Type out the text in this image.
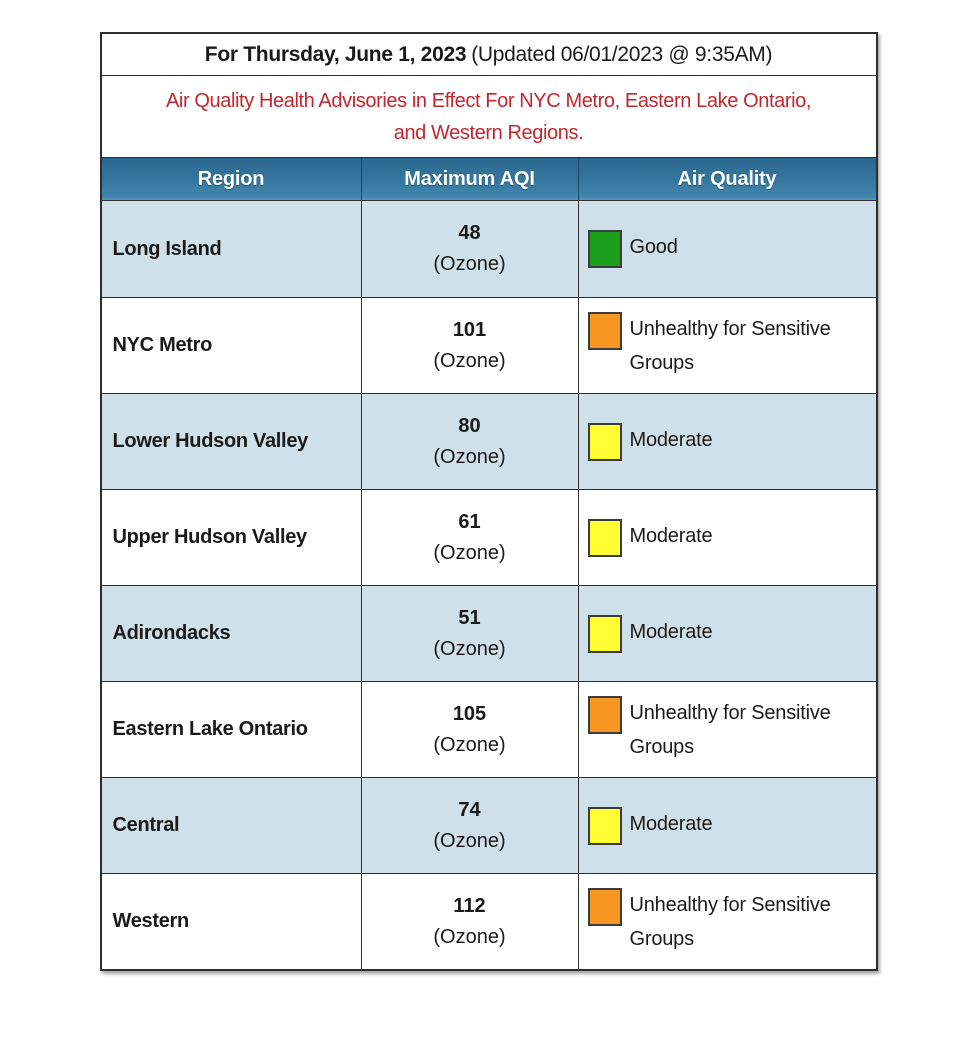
For Thursday, June 1, 2023 (Updated 06/01/2023 @ 9:35AM)
Air Quality Health Advisories in Effect For NYC Metro, Eastern Lake Ontario,
and Western Regions.
Region	Maximum AQI	Air Quality
Long Island
48
(Ozone)
Good
NYC Metro
101
(Ozone)
Unhealthy for Sensitive Groups
Lower Hudson Valley
80
(Ozone)
Moderate
Upper Hudson Valley
61
(Ozone)
Moderate
Adirondacks
51
(Ozone)
Moderate
Eastern Lake Ontario
105
(Ozone)
Unhealthy for Sensitive Groups
Central
74
(Ozone)
Moderate
Western
112
(Ozone)
Unhealthy for Sensitive Groups
